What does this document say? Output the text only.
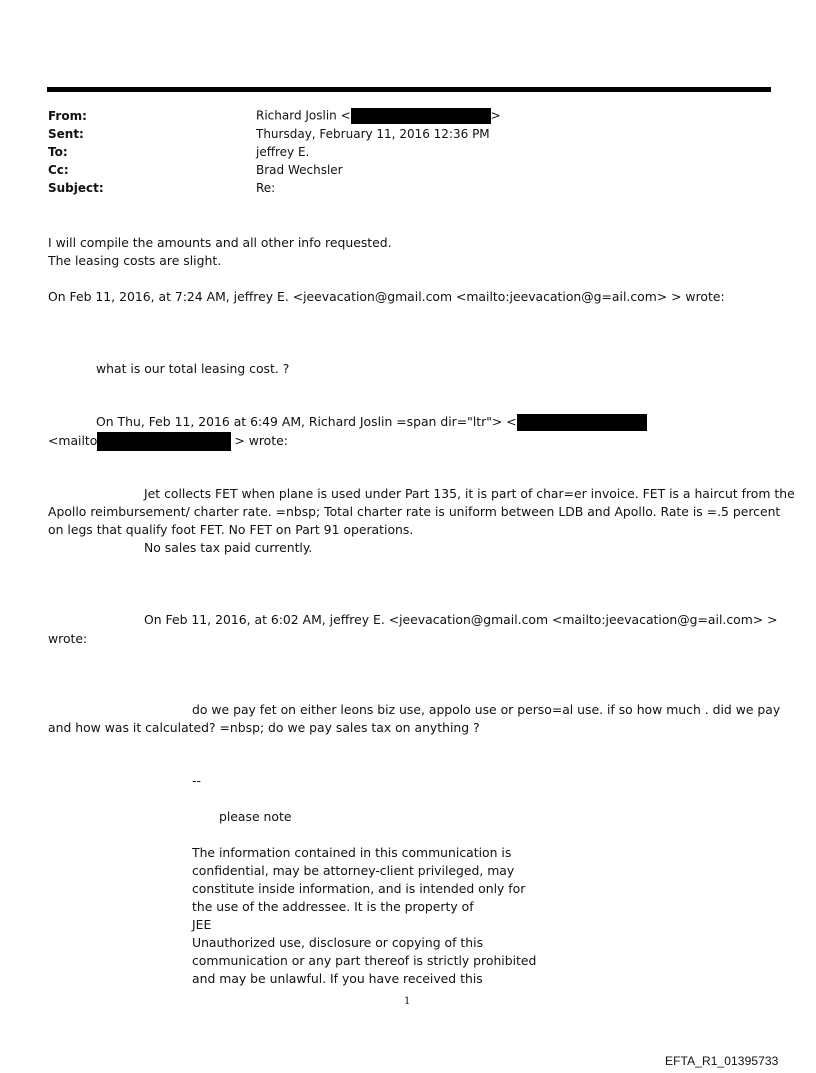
From:	Richard Joslin <	>
Sent:	Thursday, February 11, 2016 12:36 PM
To:	jeffrey E.
Cc:	Brad Wechsler
Subject:	Re:
I will compile the amounts and all other info requested.
The leasing costs are slight.
On Feb 11, 2016, at 7:24 AM, jeffrey E. <jeevacation@gmail.com <mailto:jeevacation@g=ail.com> > wrote:
what is our total leasing cost. ?
On Thu, Feb 11, 2016 at 6:49 AM, Richard Joslin =span dir="ltr"> <
<mailto	> wrote:
Jet collects FET when plane is used under Part 135, it is part of char=er invoice. FET is a haircut from the
Apollo reimbursement/ charter rate. =nbsp; Total charter rate is uniform between LDB and Apollo. Rate is =.5 percent
on legs that qualify foot FET. No FET on Part 91 operations.
No sales tax paid currently.
On Feb 11, 2016, at 6:02 AM, jeffrey E. <jeevacation@gmail.com <mailto:jeevacation@g=ail.com> >
wrote:
do we pay fet on either leons biz use, appolo use or perso=al use. if so how much . did we pay
and how was it calculated? =nbsp; do we pay sales tax on anything ?
--
please note
The information contained in this communication is
confidential, may be attorney-client privileged, may
constitute inside information, and is intended only for
the use of the addressee. It is the property of
JEE
Unauthorized use, disclosure or copying of this
communication or any part thereof is strictly prohibited
and may be unlawful. If you have received this
1
EFTA_R1_01395733
